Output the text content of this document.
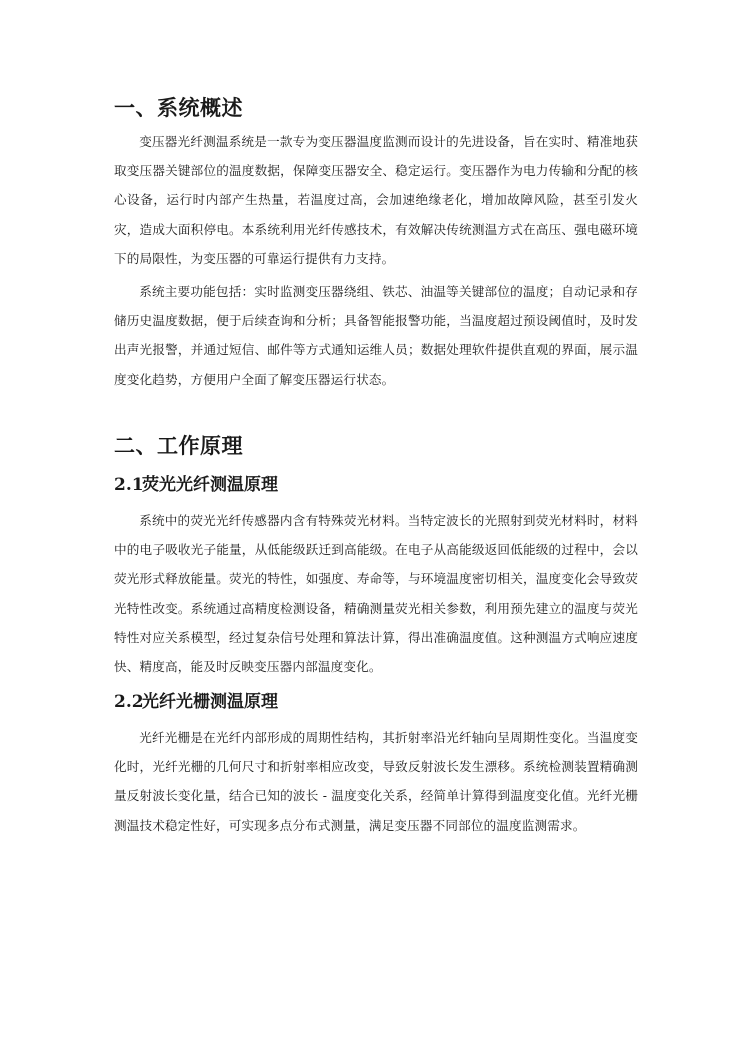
一、系统概述

变压器光纤测温系统是一款专为变压器温度监测而设计的先进设备，旨在实时、精准地获取变压器关键部位的温度数据，保障变压器安全、稳定运行。变压器作为电力传输和分配的核心设备，运行时内部产生热量，若温度过高，会加速绝缘老化，增加故障风险，甚至引发火灾，造成大面积停电。本系统利用光纤传感技术，有效解决传统测温方式在高压、强电磁环境下的局限性，为变压器的可靠运行提供有力支持。

系统主要功能包括：实时监测变压器绕组、铁芯、油温等关键部位的温度；自动记录和存储历史温度数据，便于后续查询和分析；具备智能报警功能，当温度超过预设阈值时，及时发出声光报警，并通过短信、邮件等方式通知运维人员；数据处理软件提供直观的界面，展示温度变化趋势，方便用户全面了解变压器运行状态。

二、工作原理
2.1荧光光纤测温原理

系统中的荧光光纤传感器内含有特殊荧光材料。当特定波长的光照射到荧光材料时，材料中的电子吸收光子能量，从低能级跃迁到高能级。在电子从高能级返回低能级的过程中，会以荧光形式释放能量。荧光的特性，如强度、寿命等，与环境温度密切相关，温度变化会导致荧光特性改变。系统通过高精度检测设备，精确测量荧光相关参数，利用预先建立的温度与荧光特性对应关系模型，经过复杂信号处理和算法计算，得出准确温度值。这种测温方式响应速度快、精度高，能及时反映变压器内部温度变化。

2.2光纤光栅测温原理

光纤光栅是在光纤内部形成的周期性结构，其折射率沿光纤轴向呈周期性变化。当温度变化时，光纤光栅的几何尺寸和折射率相应改变，导致反射波长发生漂移。系统检测装置精确测量反射波长变化量，结合已知的波长 - 温度变化关系，经简单计算得到温度变化值。光纤光栅测温技术稳定性好，可实现多点分布式测量，满足变压器不同部位的温度监测需求。
